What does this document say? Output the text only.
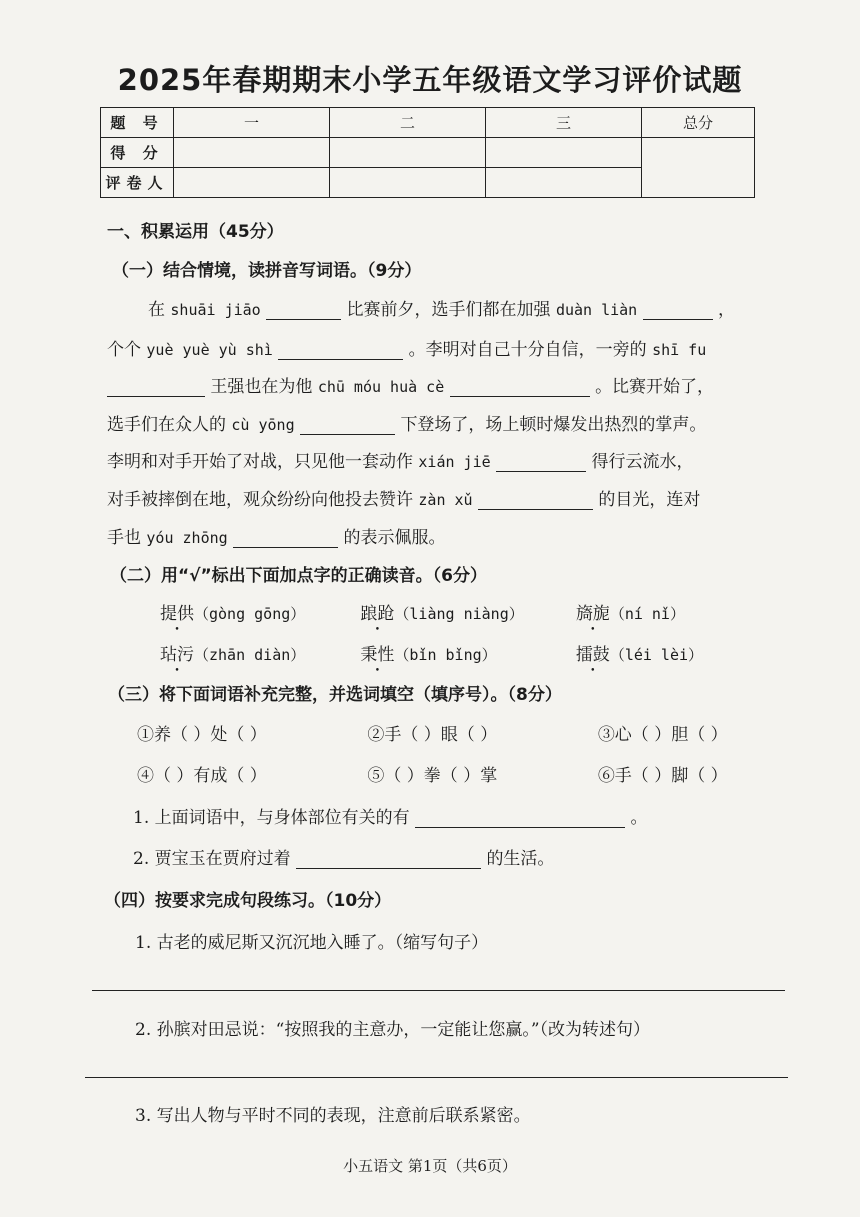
2025年春期期末小学五年级语文学习评价试题
题 号	一	二	三	总分
得 分				
评卷人				
一、积累运用（45分）
（一）结合情境，读拼音写词语。（9分）
在 shuāi jiāo	比赛前夕，选手们都在加强 duàn liàn	，
个个 yuè yuè yù shì	。李明对自己十分自信，一旁的 shī fu
王强也在为他 chū móu huà cè	。比赛开始了，
选手们在众人的 cù yōng	下登场了，场上顿时爆发出热烈的掌声。
李明和对手开始了对战，只见他一套动作 xián jiē	得行云流水，
对手被摔倒在地，观众纷纷向他投去赞许 zàn xǔ	的目光，连对
手也 yóu zhōng	的表示佩服。
（二）用“√”标出下面加点字的正确读音。（6分）
提供（gòng gōng）	踉跄（liàng niàng）	旖旎（ní nǐ）
玷污（zhān diàn）	秉性（bǐn bǐng）	擂鼓（léi lèi）
（三）将下面词语补充完整，并选词填空（填序号）。（8分）
①养（ ）处（ ）	②手（ ）眼（ ）	③心（ ）胆（ ）
④（ ）有成（ ）	⑤（ ）拳（ ）掌	⑥手（ ）脚（ ）
1. 上面词语中，与身体部位有关的有	。
2. 贾宝玉在贾府过着	的生活。
（四）按要求完成句段练习。（10分）
1. 古老的威尼斯又沉沉地入睡了。（缩写句子）
2. 孙膑对田忌说：“按照我的主意办，一定能让您赢。”（改为转述句）
3. 写出人物与平时不同的表现，注意前后联系紧密。
小五语文 第1页（共6页）
